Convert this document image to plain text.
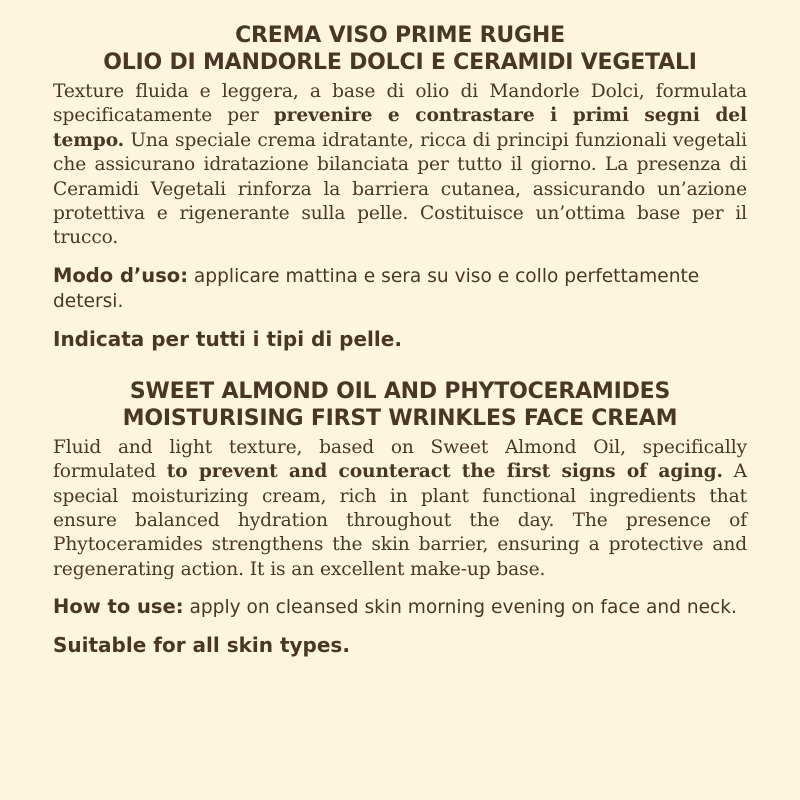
CREMA VISO PRIME RUGHE
OLIO DI MANDORLE DOLCI E CERAMIDI VEGETALI

Texture fluida e leggera, a base di olio di Mandorle Dolci, formulata specificatamente per prevenire e contrastare i primi segni del tempo. Una speciale crema idratante, ricca di principi funzionali vegetali che assicurano idratazione bilanciata per tutto il giorno. La presenza di Ceramidi Vegetali rinforza la barriera cutanea, assicurando un’azione protettiva e rigenerante sulla pelle. Costituisce un’ottima base per il trucco.

Modo d’uso: applicare mattina e sera su viso e collo perfettamente detersi.

Indicata per tutti i tipi di pelle.

SWEET ALMOND OIL AND PHYTOCERAMIDES
MOISTURISING FIRST WRINKLES FACE CREAM

Fluid and light texture, based on Sweet Almond Oil, specifically formulated to prevent and counteract the first signs of aging. A special moisturizing cream, rich in plant functional ingredients that ensure balanced hydration throughout the day. The presence of Phytoceramides strengthens the skin barrier, ensuring a protective and regenerating action. It is an excellent make-up base.

How to use: apply on cleansed skin morning evening on face and neck.

Suitable for all skin types.
